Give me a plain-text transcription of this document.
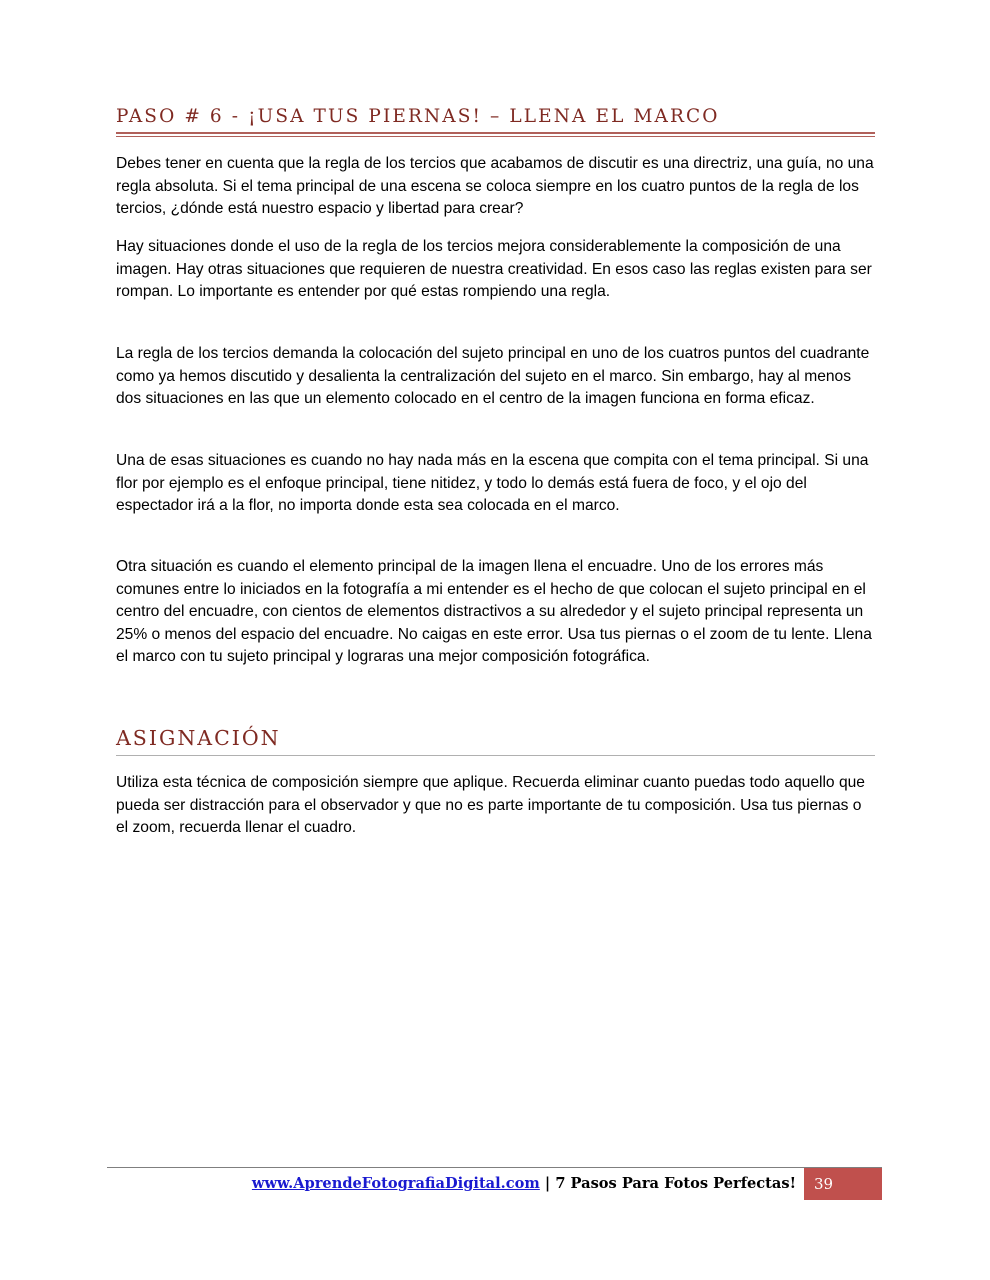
PASO # 6 - ¡USA TUS PIERNAS! – LLENA EL MARCO

Debes tener en cuenta que la regla de los tercios que acabamos de discutir es una directriz, una guía, no una regla absoluta. Si el tema principal de una escena se coloca siempre en los cuatro puntos de la regla de los tercios, ¿dónde está nuestro espacio y libertad para crear?

Hay situaciones donde el uso de la regla de los tercios mejora considerablemente la composición de una imagen. Hay otras situaciones que requieren de nuestra creatividad. En esos caso las reglas existen para ser rompan. Lo importante es entender por qué estas rompiendo una regla.

La regla de los tercios demanda la colocación del sujeto principal en uno de los cuatros puntos del cuadrante como ya hemos discutido y desalienta la centralización del sujeto en el marco. Sin embargo, hay al menos dos situaciones en las que un elemento colocado en el centro de la imagen funciona en forma eficaz.

Una de esas situaciones es cuando no hay nada más en la escena que compita con el tema principal. Si una flor por ejemplo es el enfoque principal, tiene nitidez, y todo lo demás está fuera de foco, y el ojo del espectador irá a la flor, no importa donde esta sea colocada en el marco.

Otra situación es cuando el elemento principal de la imagen llena el encuadre. Uno de los errores más comunes entre lo iniciados en la fotografía a mi entender es el hecho de que colocan el sujeto principal en el centro del encuadre, con cientos de elementos distractivos a su alrededor y el sujeto principal representa un 25% o menos del espacio del encuadre. No caigas en este error. Usa tus piernas o el zoom de tu lente. Llena el marco con tu sujeto principal y lograras una mejor composición fotográfica.

ASIGNACIÓN

Utiliza esta técnica de composición siempre que aplique. Recuerda eliminar cuanto puedas todo aquello que pueda ser distracción para el observador y que no es parte importante de tu composición. Usa tus piernas o el zoom, recuerda llenar el cuadro.

www.AprendeFotografiaDigital.com | 7 Pasos Para Fotos Perfectas! 39
